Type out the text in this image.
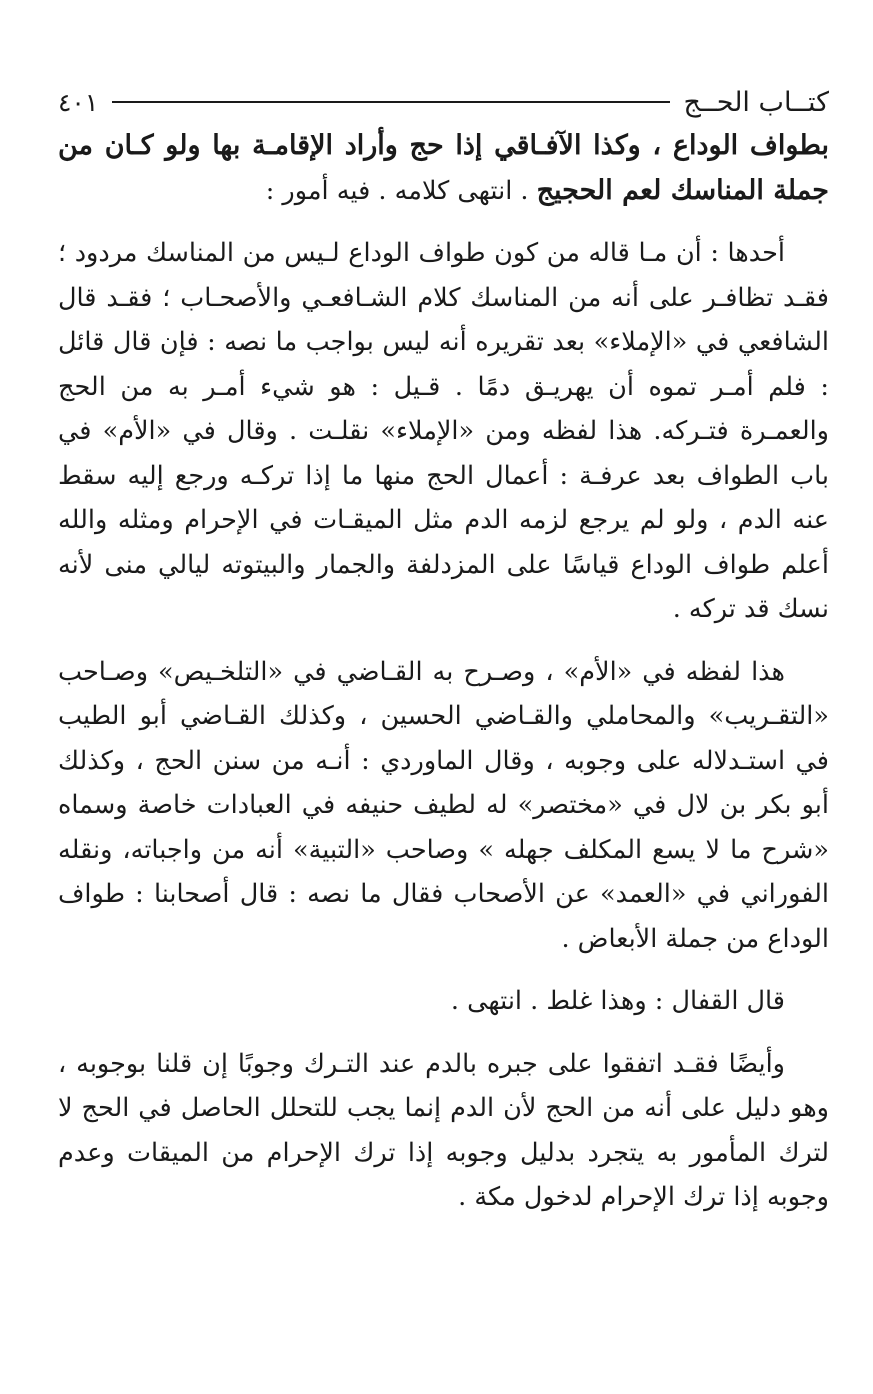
كتــاب الحــج
٤٠١

بطواف الوداع ، وكذا الآفـاقي إذا حج وأراد الإقامـة بها ولو كـان من جملة المناسك لعم الحجيج . انتهى كلامه . فيه أمور :

أحدها : أن مـا قاله من كون طواف الوداع لـيس من المناسك مردود ؛ فقـد تظافـر على أنه من المناسك كلام الشـافعـي والأصحـاب ؛ فقـد قال الشافعي في «الإملاء» بعد تقريره أنه ليس بواجب ما نصه : فإن قال قائل : فلم أمـر تموه أن يهريـق دمًا . قـيل : هو شيء أمـر به من الحج والعمـرة فتـركه. هذا لفظه ومن «الإملاء» نقلـت . وقال في «الأم» في باب الطواف بعد عرفـة : أعمال الحج منها ما إذا تركـه ورجع إليه سقط عنه الدم ، ولو لم يرجع لزمه الدم مثل الميقـات في الإحرام ومثله والله أعلم طواف الوداع قياسًا على المزدلفة والجمار والبيتوته ليالي منى لأنه نسك قد تركه .

هذا لفظه في «الأم» ، وصـرح به القـاضي في «التلخـيص» وصـاحب «التقـريب» والمحاملي والقـاضي الحسين ، وكذلك القـاضي أبو الطيب في استـدلاله على وجوبه ، وقال الماوردي : أنـه من سنن الحج ، وكذلك أبو بكر بن لال في «مختصر» له لطيف حنيفه في العبادات خاصة وسماه «شرح ما لا يسع المكلف جهله » وصاحب «التبية» أنه من واجباته، ونقله الفوراني في «العمد» عن الأصحاب فقال ما نصه : قال أصحابنا : طواف الوداع من جملة الأبعاض .

قال القفال : وهذا غلط . انتهى .

وأيضًا فقـد اتفقوا على جبره بالدم عند التـرك وجوبًا إن قلنا بوجوبه ، وهو دليل على أنه من الحج لأن الدم إنما يجب للتحلل الحاصل في الحج لا لترك المأمور به يتجرد بدليل وجوبه إذا ترك الإحرام من الميقات وعدم وجوبه إذا ترك الإحرام لدخول مكة .
